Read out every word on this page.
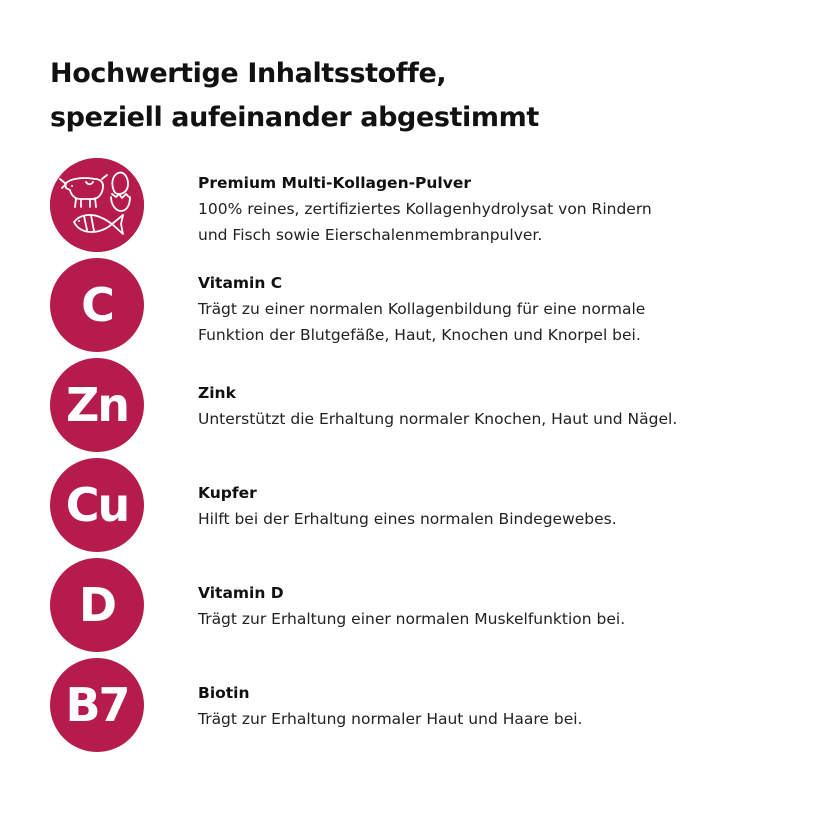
Hochwertige Inhaltsstoffe,
speziell aufeinander abgestimmt
Premium Multi-Kollagen-Pulver
100% reines, zertifiziertes Kollagenhydrolysat von Rindern
und Fisch sowie Eierschalenmembranpulver.
C	Vitamin C
Trägt zu einer normalen Kollagenbildung für eine normale
Funktion der Blutgefäße, Haut, Knochen und Knorpel bei.
Zn	Zink
Unterstützt die Erhaltung normaler Knochen, Haut und Nägel.
Cu	Kupfer
Hilft bei der Erhaltung eines normalen Bindegewebes.
D	Vitamin D
Trägt zur Erhaltung einer normalen Muskelfunktion bei.
B7	Biotin
Trägt zur Erhaltung normaler Haut und Haare bei.
